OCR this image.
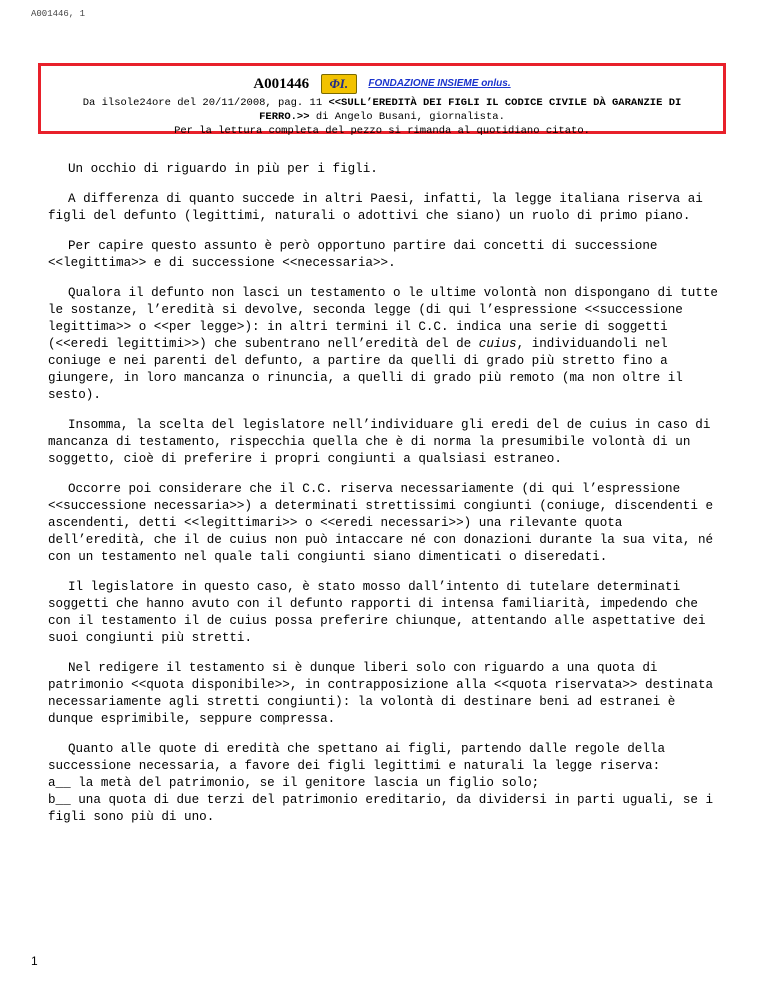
A001446, 1
A001446 ΦI. FONDAZIONE INSIEME onlus.
Da ilsole24ore del 20/11/2008, pag. 11 <<SULL’EREDITÀ DEI FIGLI IL CODICE CIVILE DÀ GARANZIE DI FERRO.>> di Angelo Busani, giornalista.
Per la lettura completa del pezzo si rimanda al quotidiano citato.

Un occhio di riguardo in più per i figli.

A differenza di quanto succede in altri Paesi, infatti, la legge italiana riserva ai figli del defunto (legittimi, naturali o adottivi che siano) un ruolo di primo piano.

Per capire questo assunto è però opportuno partire dai concetti di successione <<legittima>> e di successione <<necessaria>>.

Qualora il defunto non lasci un testamento o le ultime volontà non dispongano di tutte le sostanze, l’eredità si devolve, seconda legge (di qui l’espressione <<successione legittima>> o <<per legge>): in altri termini il C.C. indica una serie di soggetti (<<eredi legittimi>>) che subentrano nell’eredità del de cuius, individuandoli nel coniuge e nei parenti del defunto, a partire da quelli di grado più stretto fino a giungere, in loro mancanza o rinuncia, a quelli di grado più remoto (ma non oltre il sesto).

Insomma, la scelta del legislatore nell’individuare gli eredi del de cuius in caso di mancanza di testamento, rispecchia quella che è di norma la presumibile volontà di un soggetto, cioè di preferire i propri congiunti a qualsiasi estraneo.

Occorre poi considerare che il C.C. riserva necessariamente (di qui l’espressione <<successione necessaria>>) a determinati strettissimi congiunti (coniuge, discendenti e ascendenti, detti <<legittimari>> o <<eredi necessari>>) una rilevante quota dell’eredità, che il de cuius non può intaccare né con donazioni durante la sua vita, né con un testamento nel quale tali congiunti siano dimenticati o diseredati.

Il legislatore in questo caso, è stato mosso dall’intento di tutelare determinati soggetti che hanno avuto con il defunto rapporti di intensa familiarità, impedendo che con il testamento il de cuius possa preferire chiunque, attentando alle aspettative dei suoi congiunti più stretti.

Nel redigere il testamento si è dunque liberi solo con riguardo a una quota di patrimonio <<quota disponibile>>, in contrapposizione alla <<quota riservata>> destinata necessariamente agli stretti congiunti): la volontà di destinare beni ad estranei è dunque esprimibile, seppure compressa.

Quanto alle quote di eredità che spettano ai figli, partendo dalle regole della successione necessaria, a favore dei figli legittimi e naturali la legge riserva:

a__ la metà del patrimonio, se il genitore lascia un figlio solo;

b__ una quota di due terzi del patrimonio ereditario, da dividersi in parti uguali, se i figli sono più di uno.

1
